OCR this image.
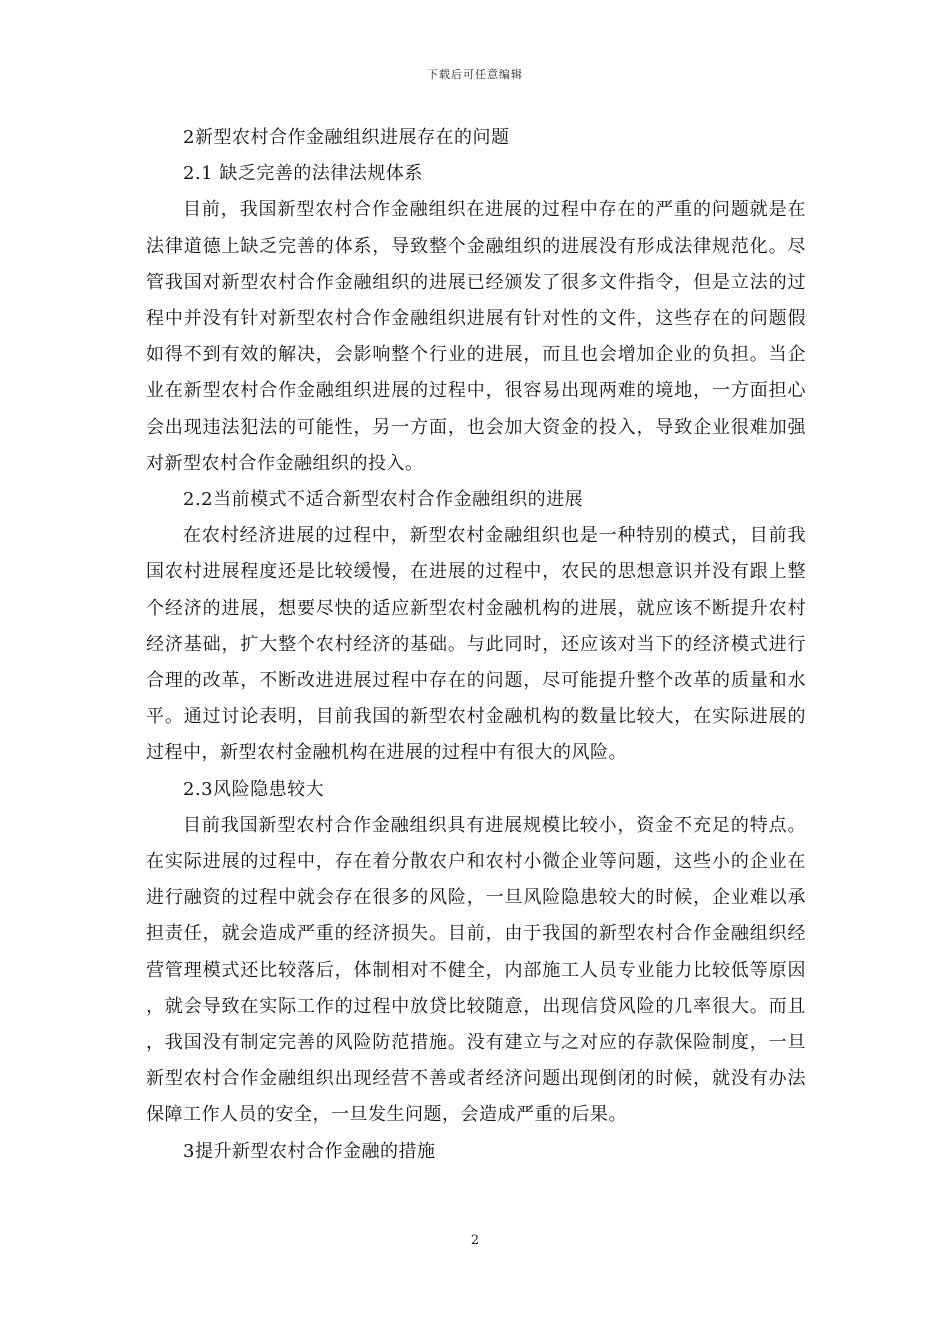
下载后可任意编辑
2新型农村合作金融组织进展存在的问题
2.1 缺乏完善的法律法规体系

目前，我国新型农村合作金融组织在进展的过程中存在的严重的问题就是在法律道德上缺乏完善的体系，导致整个金融组织的进展没有形成法律规范化。尽管我国对新型农村合作金融组织的进展已经颁发了很多文件指令，但是立法的过程中并没有针对新型农村合作金融组织进展有针对性的文件，这些存在的问题假如得不到有效的解决，会影响整个行业的进展，而且也会增加企业的负担。当企业在新型农村合作金融组织进展的过程中，很容易出现两难的境地，一方面担心会出现违法犯法的可能性，另一方面，也会加大资金的投入，导致企业很难加强对新型农村合作金融组织的投入。

2.2当前模式不适合新型农村合作金融组织的进展

在农村经济进展的过程中，新型农村金融组织也是一种特别的模式，目前我国农村进展程度还是比较缓慢，在进展的过程中，农民的思想意识并没有跟上整个经济的进展，想要尽快的适应新型农村金融机构的进展，就应该不断提升农村经济基础，扩大整个农村经济的基础。与此同时，还应该对当下的经济模式进行合理的改革，不断改进进展过程中存在的问题，尽可能提升整个改革的质量和水平。通过讨论表明，目前我国的新型农村金融机构的数量比较大，在实际进展的过程中，新型农村金融机构在进展的过程中有很大的风险。

2.3风险隐患较大

目前我国新型农村合作金融组织具有进展规模比较小，资金不充足的特点。在实际进展的过程中，存在着分散农户和农村小微企业等问题，这些小的企业在进行融资的过程中就会存在很多的风险，一旦风险隐患较大的时候，企业难以承担责任，就会造成严重的经济损失。目前，由于我国的新型农村合作金融组织经营管理模式还比较落后，体制相对不健全，内部施工人员专业能力比较低等原因，就会导致在实际工作的过程中放贷比较随意，出现信贷风险的几率很大。而且，我国没有制定完善的风险防范措施。没有建立与之对应的存款保险制度，一旦新型农村合作金融组织出现经营不善或者经济问题出现倒闭的时候，就没有办法保障工作人员的安全，一旦发生问题，会造成严重的后果。

3提升新型农村合作金融的措施
2
